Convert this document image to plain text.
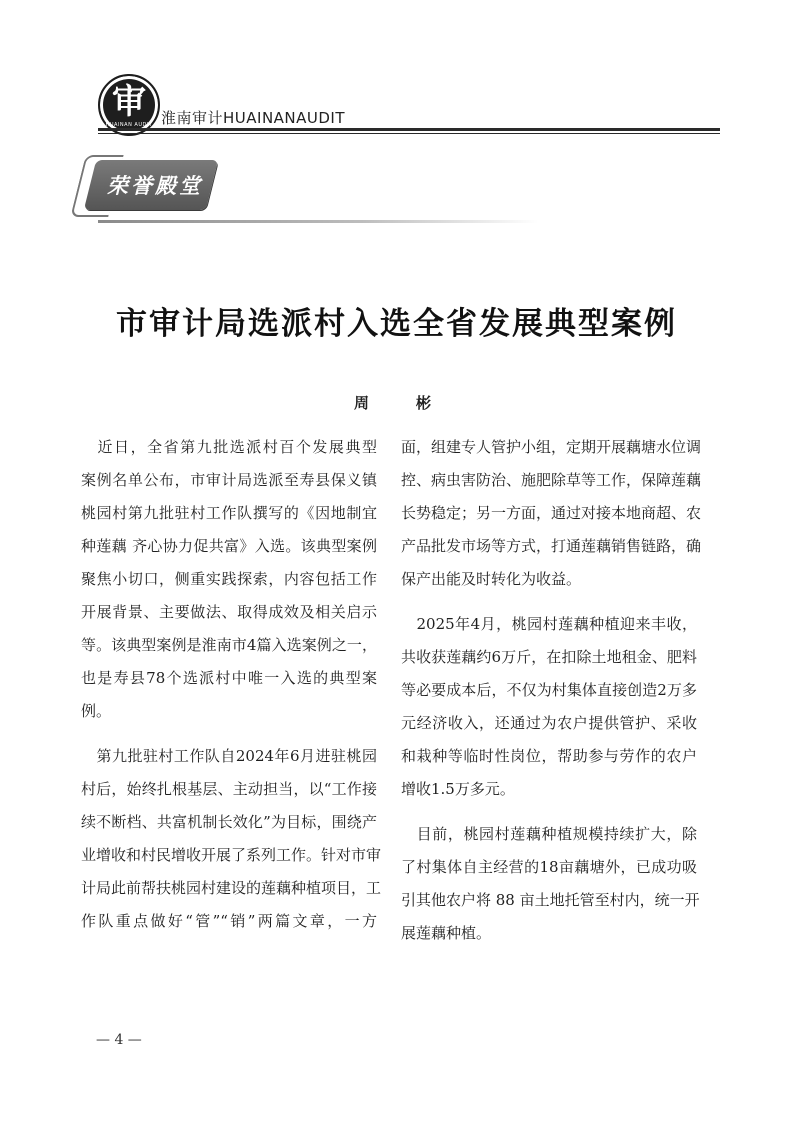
审
HUAINAN AUDIT 淮南审计HUAINANAUDIT
荣誉殿堂
市审计局选派村入选全省发展典型案例
周　彬
　近日，全省第九批选派村百个发展典型
案例名单公布，市审计局选派至寿县保义镇
桃园村第九批驻村工作队撰写的《因地制宜
种莲藕 齐心协力促共富》入选。该典型案例
聚焦小切口，侧重实践探索，内容包括工作
开展背景、主要做法、取得成效及相关启示
等。该典型案例是淮南市4篇入选案例之一，
也是寿县78个选派村中唯一入选的典型案
例。
　第九批驻村工作队自2024年6月进驻桃园
村后，始终扎根基层、主动担当，以“工作接
续不断档、共富机制长效化”为目标，围绕产
业增收和村民增收开展了系列工作。针对市审
计局此前帮扶桃园村建设的莲藕种植项目，工
作队重点做好“管”“销”两篇文章，一方
面，组建专人管护小组，定期开展藕塘水位调
控、病虫害防治、施肥除草等工作，保障莲藕
长势稳定；另一方面，通过对接本地商超、农
产品批发市场等方式，打通莲藕销售链路，确
保产出能及时转化为收益。
　2025年4月，桃园村莲藕种植迎来丰收，
共收获莲藕约6万斤，在扣除土地租金、肥料
等必要成本后，不仅为村集体直接创造2万多
元经济收入，还通过为农户提供管护、采收
和栽种等临时性岗位，帮助参与劳作的农户
增收1.5万多元。
　目前，桃园村莲藕种植规模持续扩大，除
了村集体自主经营的18亩藕塘外，已成功吸
引其他农户将 88 亩土地托管至村内，统一开
展莲藕种植。
— 4 —
